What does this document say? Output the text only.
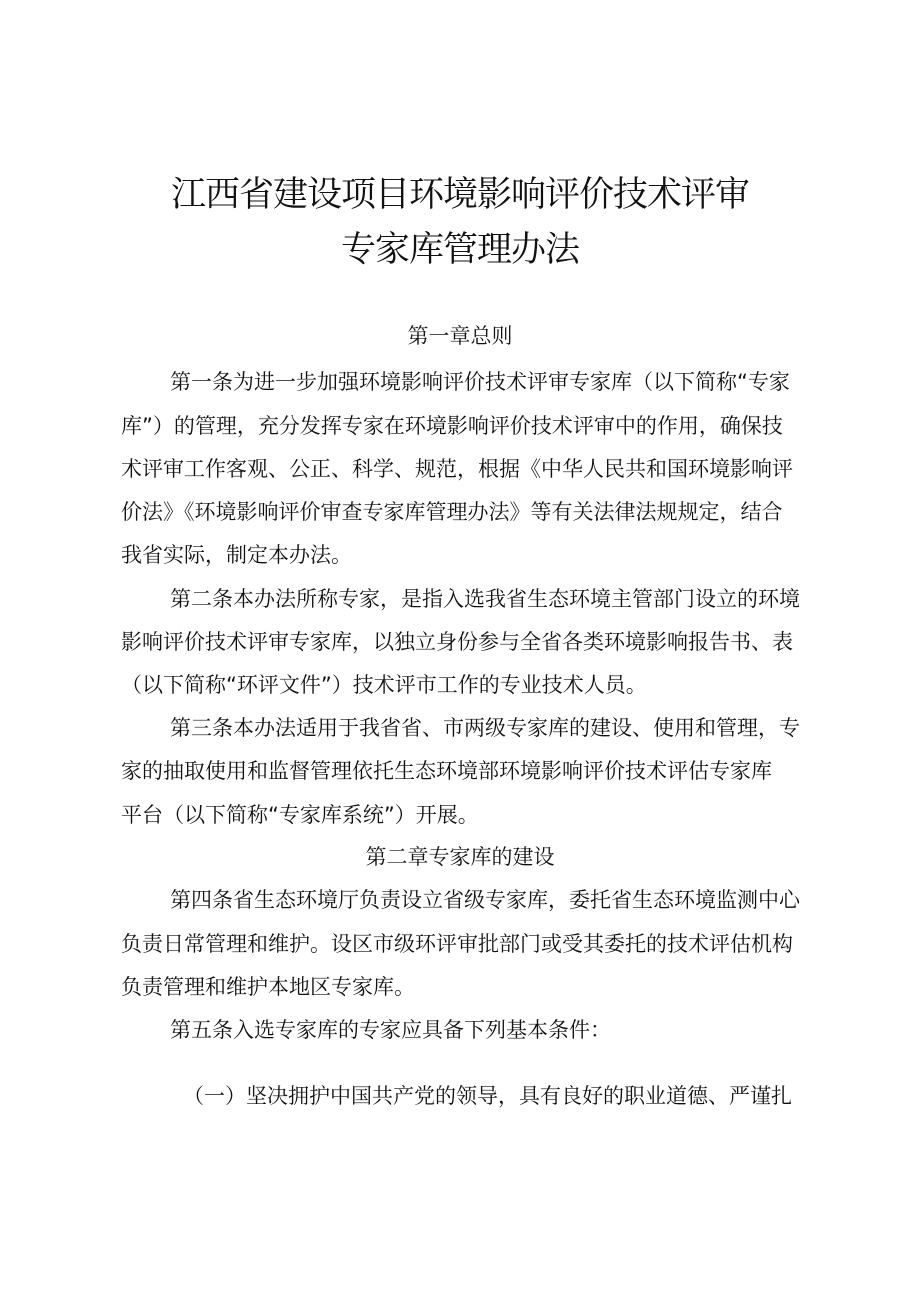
江西省建设项目环境影响评价技术评审
专家库管理办法
第一章总则

第一条为进一步加强环境影响评价技术评审专家库（以下简称“专家

库”）的管理，充分发挥专家在环境影响评价技术评审中的作用，确保技

术评审工作客观、公正、科学、规范，根据《中华人民共和国环境影响评

价法》《环境影响评价审查专家库管理办法》等有关法律法规规定，结合

我省实际，制定本办法。

第二条本办法所称专家，是指入选我省生态环境主管部门设立的环境

影响评价技术评审专家库，以独立身份参与全省各类环境影响报告书、表

（以下简称“环评文件”）技术评市工作的专业技术人员。

第三条本办法适用于我省省、市两级专家库的建设、使用和管理，专

家的抽取使用和监督管理依托生态环境部环境影响评价技术评估专家库

平台（以下简称“专家库系统”）开展。

第二章专家库的建设

第四条省生态环境厅负责设立省级专家库，委托省生态环境监测中心

负责日常管理和维护。设区市级环评审批部门或受其委托的技术评估机构

负责管理和维护本地区专家库。

第五条入选专家库的专家应具备下列基本条件：

（一）坚决拥护中国共产党的领导，具有良好的职业道德、严谨扎
